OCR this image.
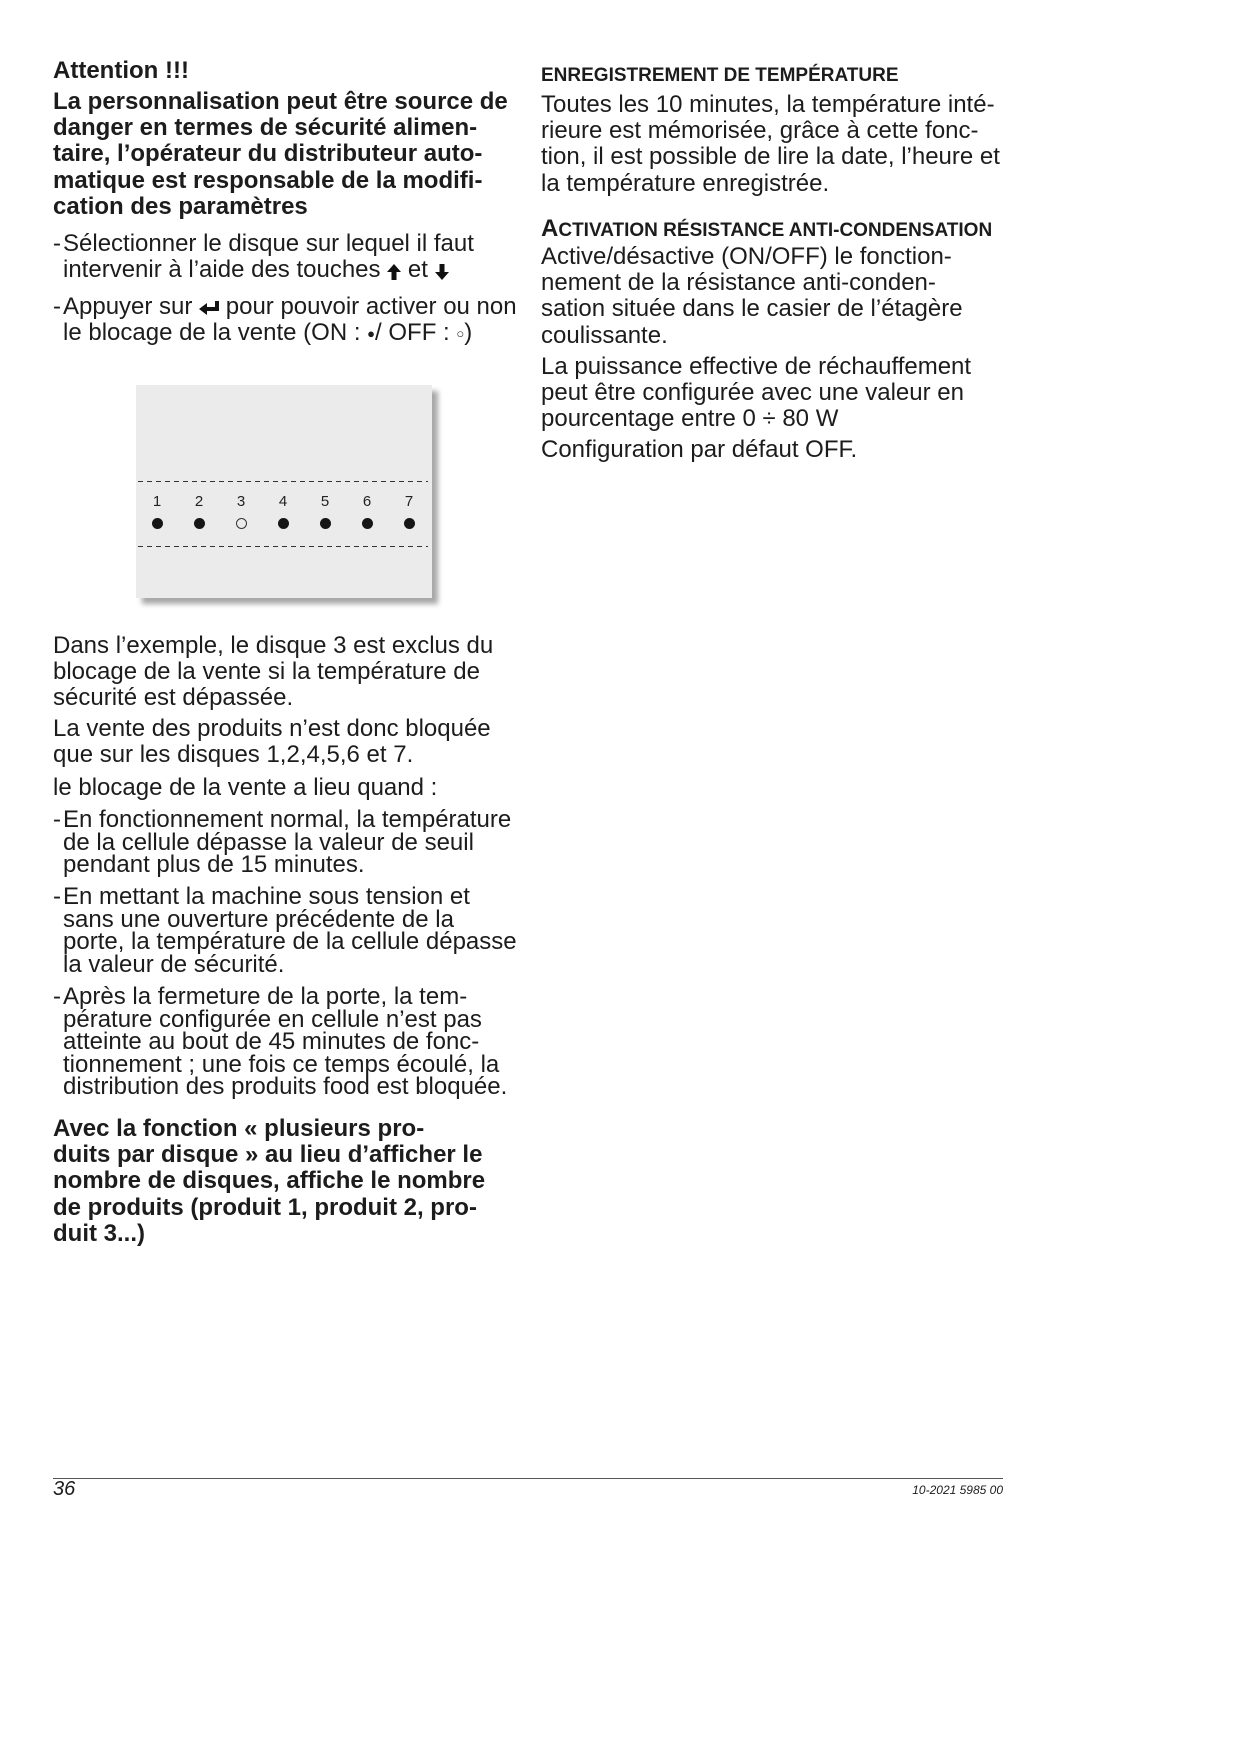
Attention !!!
La personnalisation peut être source de
danger en termes de sécurité alimen-
taire, l’opérateur du distributeur auto-
matique est responsable de la modifi-
cation des paramètres
- Sélectionner le disque sur lequel il faut
intervenir à l’aide des touches
et
- Appuyer sur
pour pouvoir activer ou non
le blocage de la vente (ON : ●/ OFF : ○)
1 2 3 4 5 6 7
Dans l’exemple, le disque 3 est exclus du
blocage de la vente si la température de
sécurité est dépassée.
La vente des produits n’est donc bloquée
que sur les disques 1,2,4,5,6 et 7.
le blocage de la vente a lieu quand :
- En fonctionnement normal, la température
de la cellule dépasse la valeur de seuil
pendant plus de 15 minutes.
- En mettant la machine sous tension et
sans une ouverture précédente de la
porte, la température de la cellule dépasse
la valeur de sécurité.
- Après la fermeture de la porte, la tem-
pérature configurée en cellule n’est pas
atteinte au bout de 45 minutes de fonc-
tionnement ; une fois ce temps écoulé, la
distribution des produits food est bloquée.
Avec la fonction « plusieurs pro-
duits par disque » au lieu d’afficher le
nombre de disques, affiche le nombre
de produits (produit 1, produit 2, pro-
duit 3...)
ENREGISTREMENT DE TEMPÉRATURE
Toutes les 10 minutes, la température inté-
rieure est mémorisée, grâce à cette fonc-
tion, il est possible de lire la date, l’heure et
la température enregistrée.
ACTIVATION RÉSISTANCE ANTI-CONDENSATION
Active/désactive (ON/OFF) le fonction-
nement de la résistance anti-conden-
sation située dans le casier de l’étagère
coulissante.
La puissance effective de réchauffement
peut être configurée avec une valeur en
pourcentage entre 0 ÷ 80 W
Configuration par défaut OFF.
36	10-2021 5985 00
